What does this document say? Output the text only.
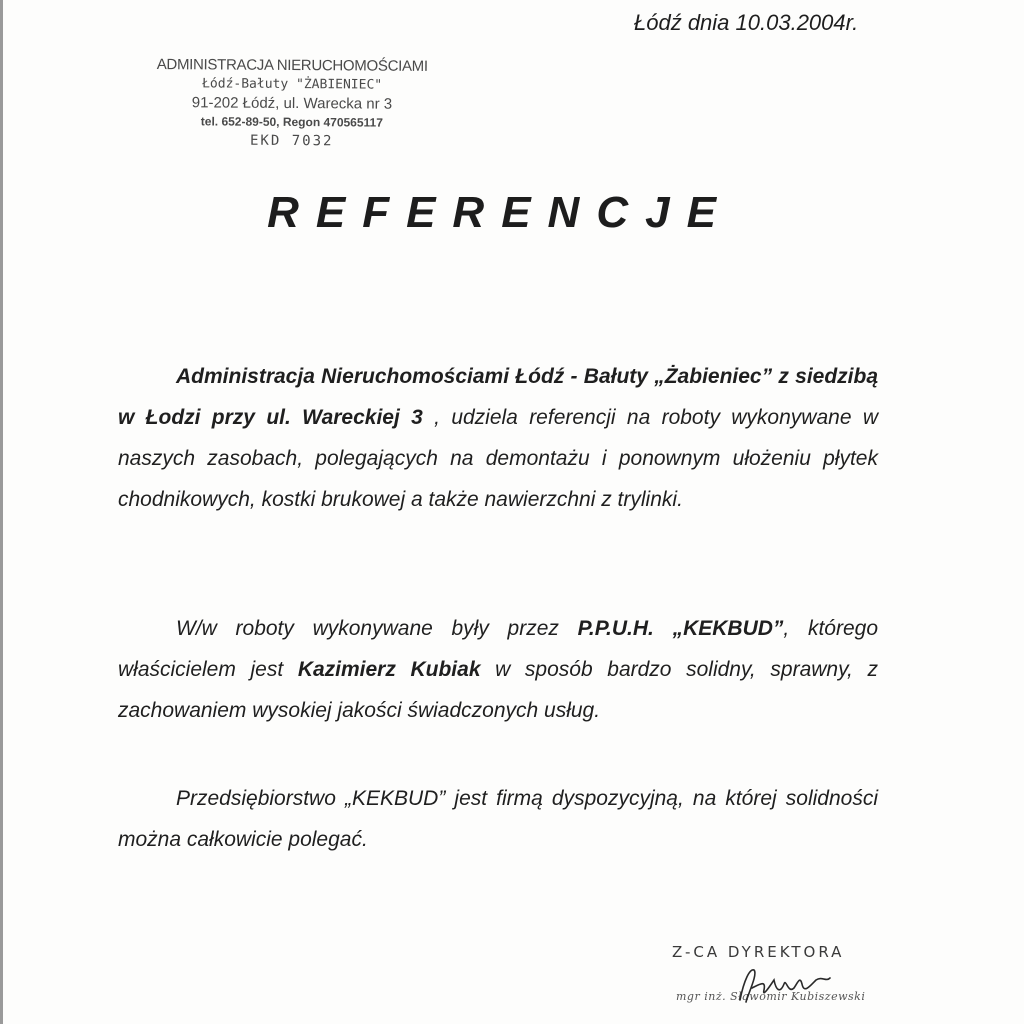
Łódź dnia 10.03.2004r.
ADMINISTRACJA NIERUCHOMOŚCIAMI
Łódź-Bałuty "ŻABIENIEC"
91-202 Łódź, ul. Warecka nr 3
tel. 652-89-50, Regon 470565117
EKD 7032
REFERENCJE
Administracja Nieruchomościami Łódź - Bałuty „Żabieniec” z siedzibą w Łodzi przy ul. Wareckiej 3 , udziela referencji na roboty wykonywane w naszych zasobach, polegających na demontażu i ponownym ułożeniu płytek chodnikowych, kostki brukowej a także nawierzchni z trylinki.
W/w roboty wykonywane były przez P.P.U.H. „KEKBUD”, którego właścicielem jest Kazimierz Kubiak w sposób bardzo solidny, sprawny, z zachowaniem wysokiej jakości świadczonych usług.
Przedsiębiorstwo „KEKBUD” jest firmą dyspozycyjną, na której solidności można całkowicie polegać.
Z-CA DYREKTORA
mgr inż. Sławomir Kubiszewski
